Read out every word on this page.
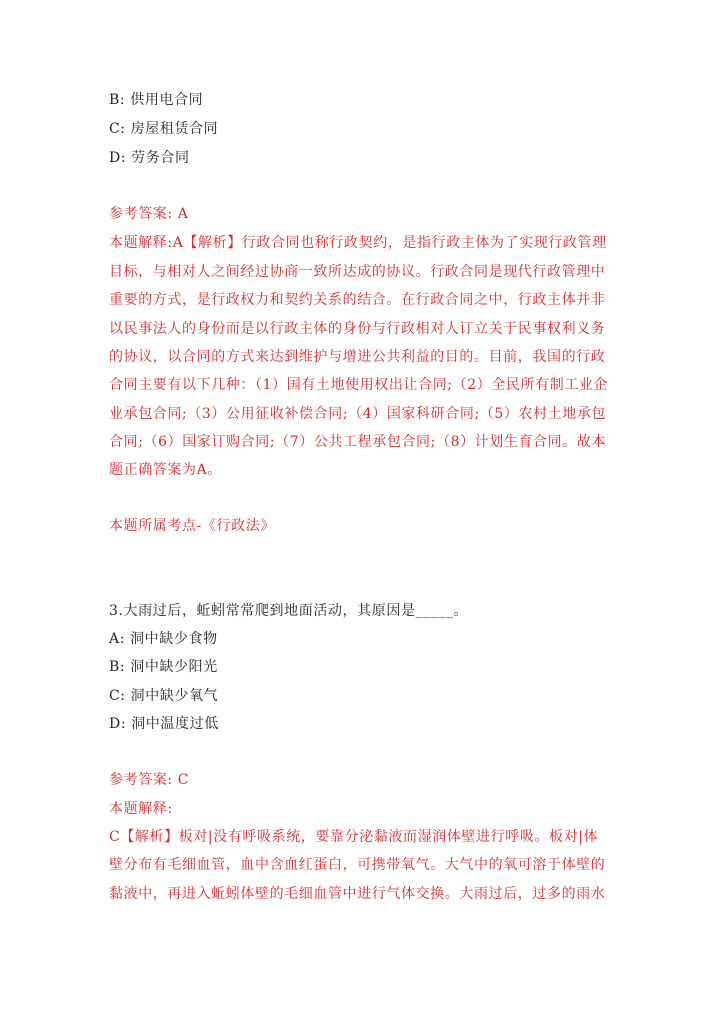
B: 供用电合同
C: 房屋租赁合同
D: 劳务合同
参考答案: A
本题解释:A【解析】行政合同也称行政契约，是指行政主体为了实现行政管理
目标，与相对人之间经过协商一致所达成的协议。行政合同是现代行政管理中
重要的方式，是行政权力和契约关系的结合。在行政合同之中，行政主体并非
以民事法人的身份而是以行政主体的身份与行政相对人订立关于民事权利义务
的协议，以合同的方式来达到维护与增进公共利益的目的。目前，我国的行政
合同主要有以下几种：（1）国有土地使用权出让合同;（2）全民所有制工业企
业承包合同;（3）公用征收补偿合同;（4）国家科研合同;（5）农村土地承包
合同;（6）国家订购合同;（7）公共工程承包合同;（8）计划生育合同。故本
题正确答案为A。
本题所属考点-《行政法》
3.大雨过后，蚯蚓常常爬到地面活动，其原因是_____。
A: 洞中缺少食物
B: 洞中缺少阳光
C: 洞中缺少氧气
D: 洞中温度过低
参考答案: C
本题解释:
C【解析】板对|没有呼吸系统，要靠分泌黏液而湿润体壁进行呼吸。板对|体
壁分布有毛细血管，血中含血红蛋白，可携带氧气。大气中的氧可溶于体壁的
黏液中，再进入蚯蚓体壁的毛细血管中进行气体交换。大雨过后，过多的雨水
